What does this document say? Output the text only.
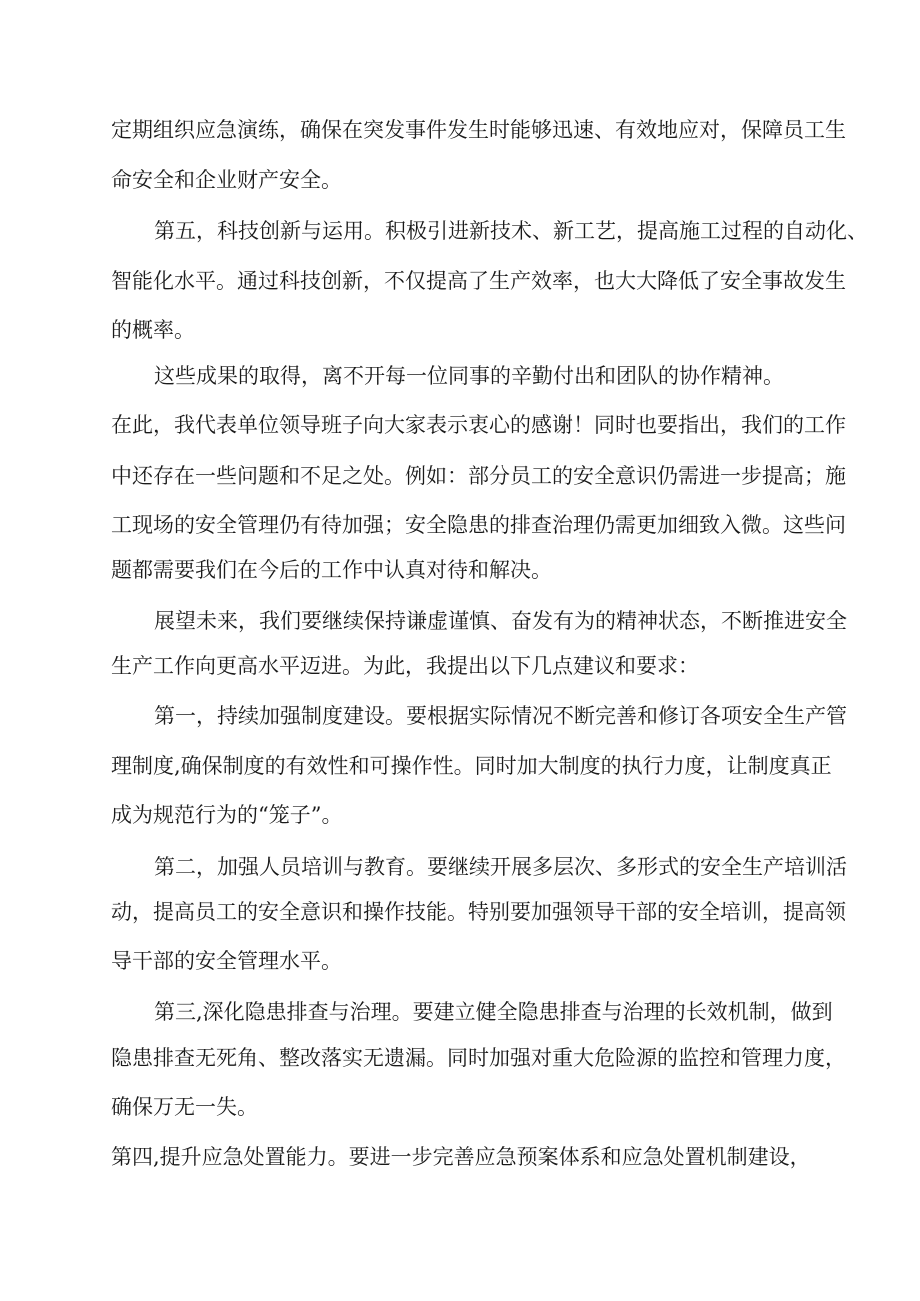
定期组织应急演练，确保在突发事件发生时能够迅速、有效地应对，保障员工生
命安全和企业财产安全。
第五，科技创新与运用。积极引进新技术、新工艺，提高施工过程的自动化、
智能化水平。通过科技创新，不仅提高了生产效率，也大大降低了安全事故发生
的概率。
这些成果的取得，离不开每一位同事的辛勤付出和团队的协作精神。
在此，我代表单位领导班子向大家表示衷心的感谢！同时也要指出，我们的工作
中还存在一些问题和不足之处。例如：部分员工的安全意识仍需进一步提高；施
工现场的安全管理仍有待加强；安全隐患的排查治理仍需更加细致入微。这些问
题都需要我们在今后的工作中认真对待和解决。
展望未来，我们要继续保持谦虚谨慎、奋发有为的精神状态，不断推进安全
生产工作向更高水平迈进。为此，我提出以下几点建议和要求：
第一，持续加强制度建设。要根据实际情况不断完善和修订各项安全生产管
理制度,确保制度的有效性和可操作性。同时加大制度的执行力度，让制度真正
成为规范行为的“笼子”。
第二，加强人员培训与教育。要继续开展多层次、多形式的安全生产培训活
动，提高员工的安全意识和操作技能。特别要加强领导干部的安全培训，提高领
导干部的安全管理水平。
第三,深化隐患排查与治理。要建立健全隐患排查与治理的长效机制，做到
隐患排查无死角、整改落实无遗漏。同时加强对重大危险源的监控和管理力度，
确保万无一失。
第四,提升应急处置能力。要进一步完善应急预案体系和应急处置机制建设，
